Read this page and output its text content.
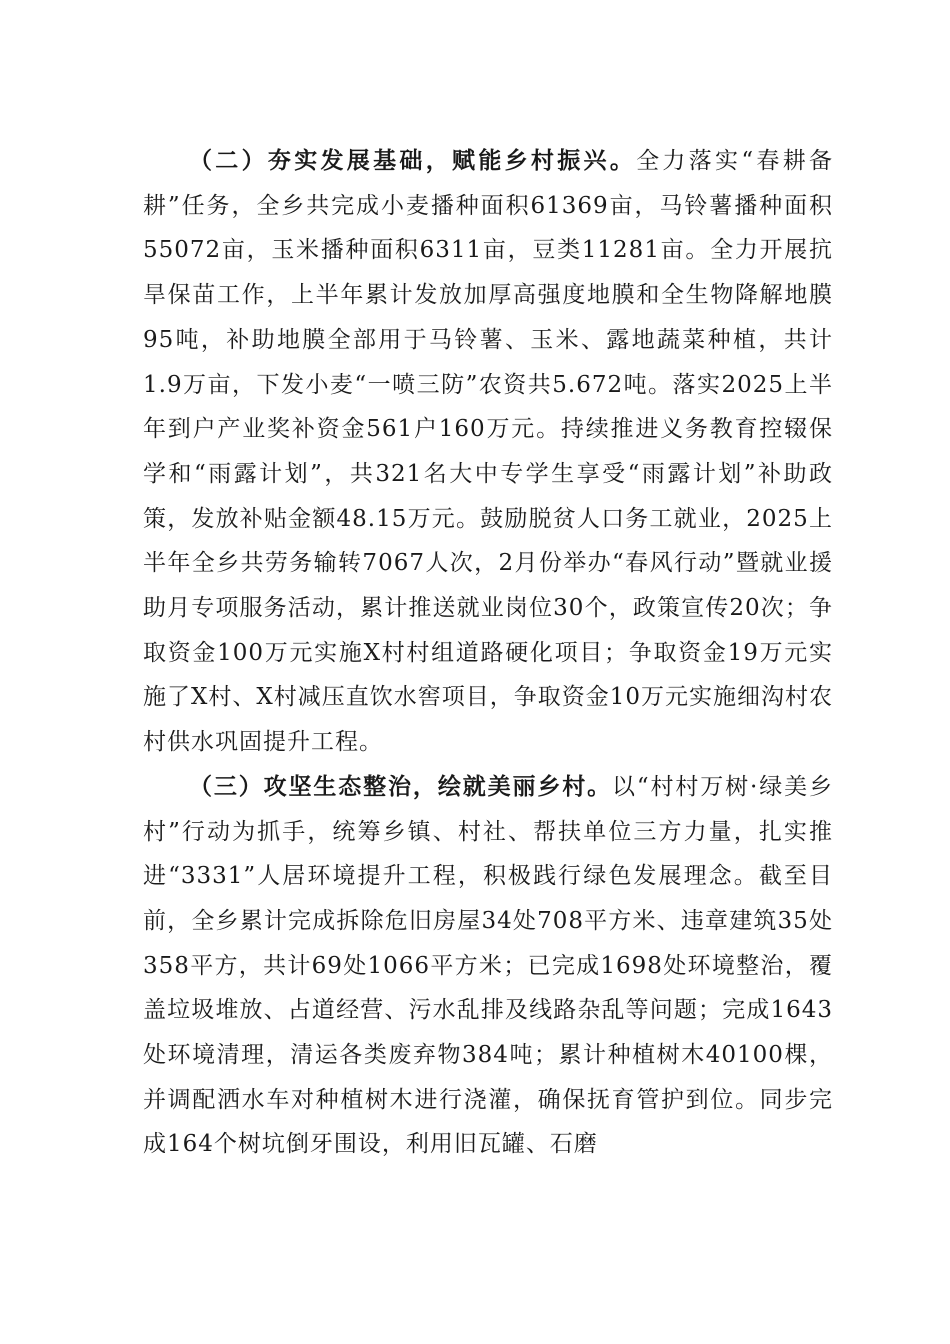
（二）夯实发展基础，赋能乡村振兴。全力落实“春耕备耕”任务，全乡共完成小麦播种面积61369亩，马铃薯播种面积55072亩，玉米播种面积6311亩，豆类11281亩。全力开展抗旱保苗工作，上半年累计发放加厚高强度地膜和全生物降解地膜95吨，补助地膜全部用于马铃薯、玉米、露地蔬菜种植，共计1.9万亩，下发小麦“一喷三防”农资共5.672吨。落实2025上半年到户产业奖补资金561户160万元。持续推进义务教育控辍保学和“雨露计划”，共321名大中专学生享受“雨露计划”补助政策，发放补贴金额48.15万元。鼓励脱贫人口务工就业，2025上半年全乡共劳务输转7067人次，2月份举办“春风行动”暨就业援助月专项服务活动，累计推送就业岗位30个，政策宣传20次；争取资金100万元实施X村村组道路硬化项目；争取资金19万元实施了X村、X村减压直饮水窖项目，争取资金10万元实施细沟村农村供水巩固提升工程。

（三）攻坚生态整治，绘就美丽乡村。以“村村万树·绿美乡村”行动为抓手，统筹乡镇、村社、帮扶单位三方力量，扎实推进“3331”人居环境提升工程，积极践行绿色发展理念。截至目前，全乡累计完成拆除危旧房屋34处708平方米、违章建筑35处358平方，共计69处1066平方米；已完成1698处环境整治，覆盖垃圾堆放、占道经营、污水乱排及线路杂乱等问题；完成1643处环境清理，清运各类废弃物384吨；累计种植树木40100棵，并调配洒水车对种植树木进行浇灌，确保抚育管护到位。同步完成164个树坑倒牙围设，利用旧瓦罐、石磨
